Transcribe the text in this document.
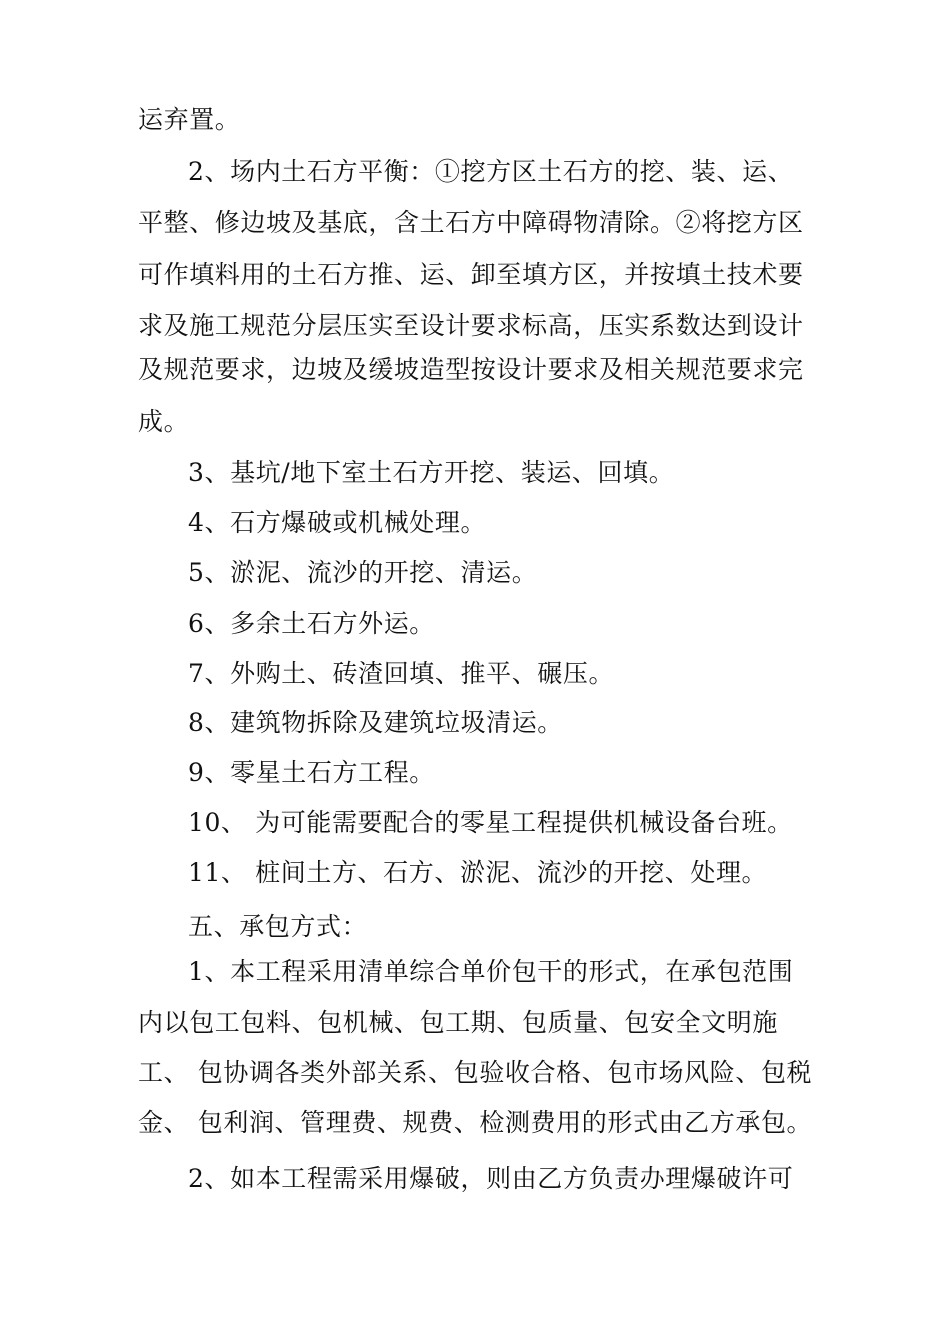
运弃置。
2、场内土石方平衡：①挖方区土石方的挖、装、运、
平整、修边坡及基底，含土石方中障碍物清除。②将挖方区
可作填料用的土石方推、运、卸至填方区，并按填土技术要
求及施工规范分层压实至设计要求标高，压实系数达到设计
及规范要求，边坡及缓坡造型按设计要求及相关规范要求完
成。
3、基坑/地下室土石方开挖、装运、回填。
4、石方爆破或机械处理。
5、淤泥、流沙的开挖、清运。
6、多余土石方外运。
7、外购土、砖渣回填、推平、碾压。
8、建筑物拆除及建筑垃圾清运。
9、零星土石方工程。
10、 为可能需要配合的零星工程提供机械设备台班。
11、 桩间土方、石方、淤泥、流沙的开挖、处理。
五、承包方式：
1、本工程采用清单综合单价包干的形式，在承包范围
内以包工包料、包机械、包工期、包质量、包安全文明施
工、 包协调各类外部关系、包验收合格、包市场风险、包税
金、 包利润、管理费、规费、检测费用的形式由乙方承包。
2、如本工程需采用爆破，则由乙方负责办理爆破许可
